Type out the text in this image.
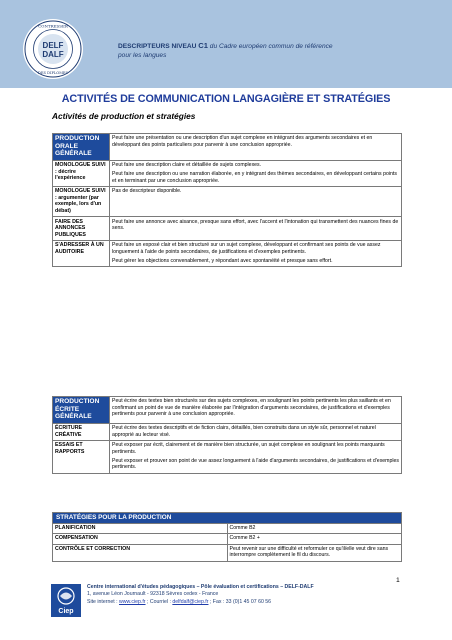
CONTRESSER
DELF
DALF
DES DIPLOMES
DESCRIPTEURS NIVEAU C1 du Cadre européen commun de référence
pour les langues
ACTIVITÉS DE COMMUNICATION LANGAGIÈRE ET STRATÉGIES
Activités de production et stratégies
PRODUCTION ORALE GÉNÉRALE	Peut faire une présentation ou une description d'un sujet complexe en intégrant des arguments secondaires et en développant des points particuliers pour parvenir à une conclusion appropriée.
MONOLOGUE SUIVI : décrire l'expérience	Peut faire une description claire et détaillée de sujets complexes.

Peut faire une description ou une narration élaborée, en y intégrant des thèmes secondaires, en développant certains points et en terminant par une conclusion appropriée.

MONOLOGUE SUIVI : argumenter (par exemple, lors d'un débat)	Pas de descripteur disponible.

FAIRE DES ANNONCES PUBLIQUES	Peut faire une annonce avec aisance, presque sans effort, avec l'accent et l'intonation qui transmettent des nuances fines de sens.

S'ADRESSER À UN AUDITOIRE	Peut faire un exposé clair et bien structuré sur un sujet complexe, développant et confirmant ses points de vue assez longuement à l'aide de points secondaires, de justifications et d'exemples pertinents.

Peut gérer les objections convenablement, y répondant avec spontanéité et presque sans effort.

PRODUCTION ÉCRITE GÉNÉRALE	Peut écrire des textes bien structurés sur des sujets complexes, en soulignant les points pertinents les plus saillants et en confirmant un point de vue de manière élaborée par l'intégration d'arguments secondaires, de justifications et d'exemples pertinents pour parvenir à une conclusion appropriée.
ÉCRITURE CRÉATIVE	Peut écrire des textes descriptifs et de fiction clairs, détaillés, bien construits dans un style sûr, personnel et naturel approprié au lecteur visé.

ESSAIS ET RAPPORTS	Peut exposer par écrit, clairement et de manière bien structurée, un sujet complexe en soulignant les points marquants pertinents.

Peut exposer et prouver son point de vue assez longuement à l'aide d'arguments secondaires, de justifications et d'exemples pertinents.

STRATÉGIES POUR LA PRODUCTION	
PLANIFICATION	Comme B2
COMPENSATION	Comme B2 +
CONTRÔLE ET CORRECTION	Peut revenir sur une difficulté et reformuler ce qu'il/elle veut dire sans interrompre complètement le fil du discours.
1
Ciep
Centre international d'études pédagogiques – Pôle évaluation et certifications – DELF-DALF
1, avenue Léon Journault - 92318 Sèvres cedex - France
Site internet : www.ciep.fr ; Courriel : delfdalf@ciep.fr ; Fax : 33 (0)1 45 07 60 56
